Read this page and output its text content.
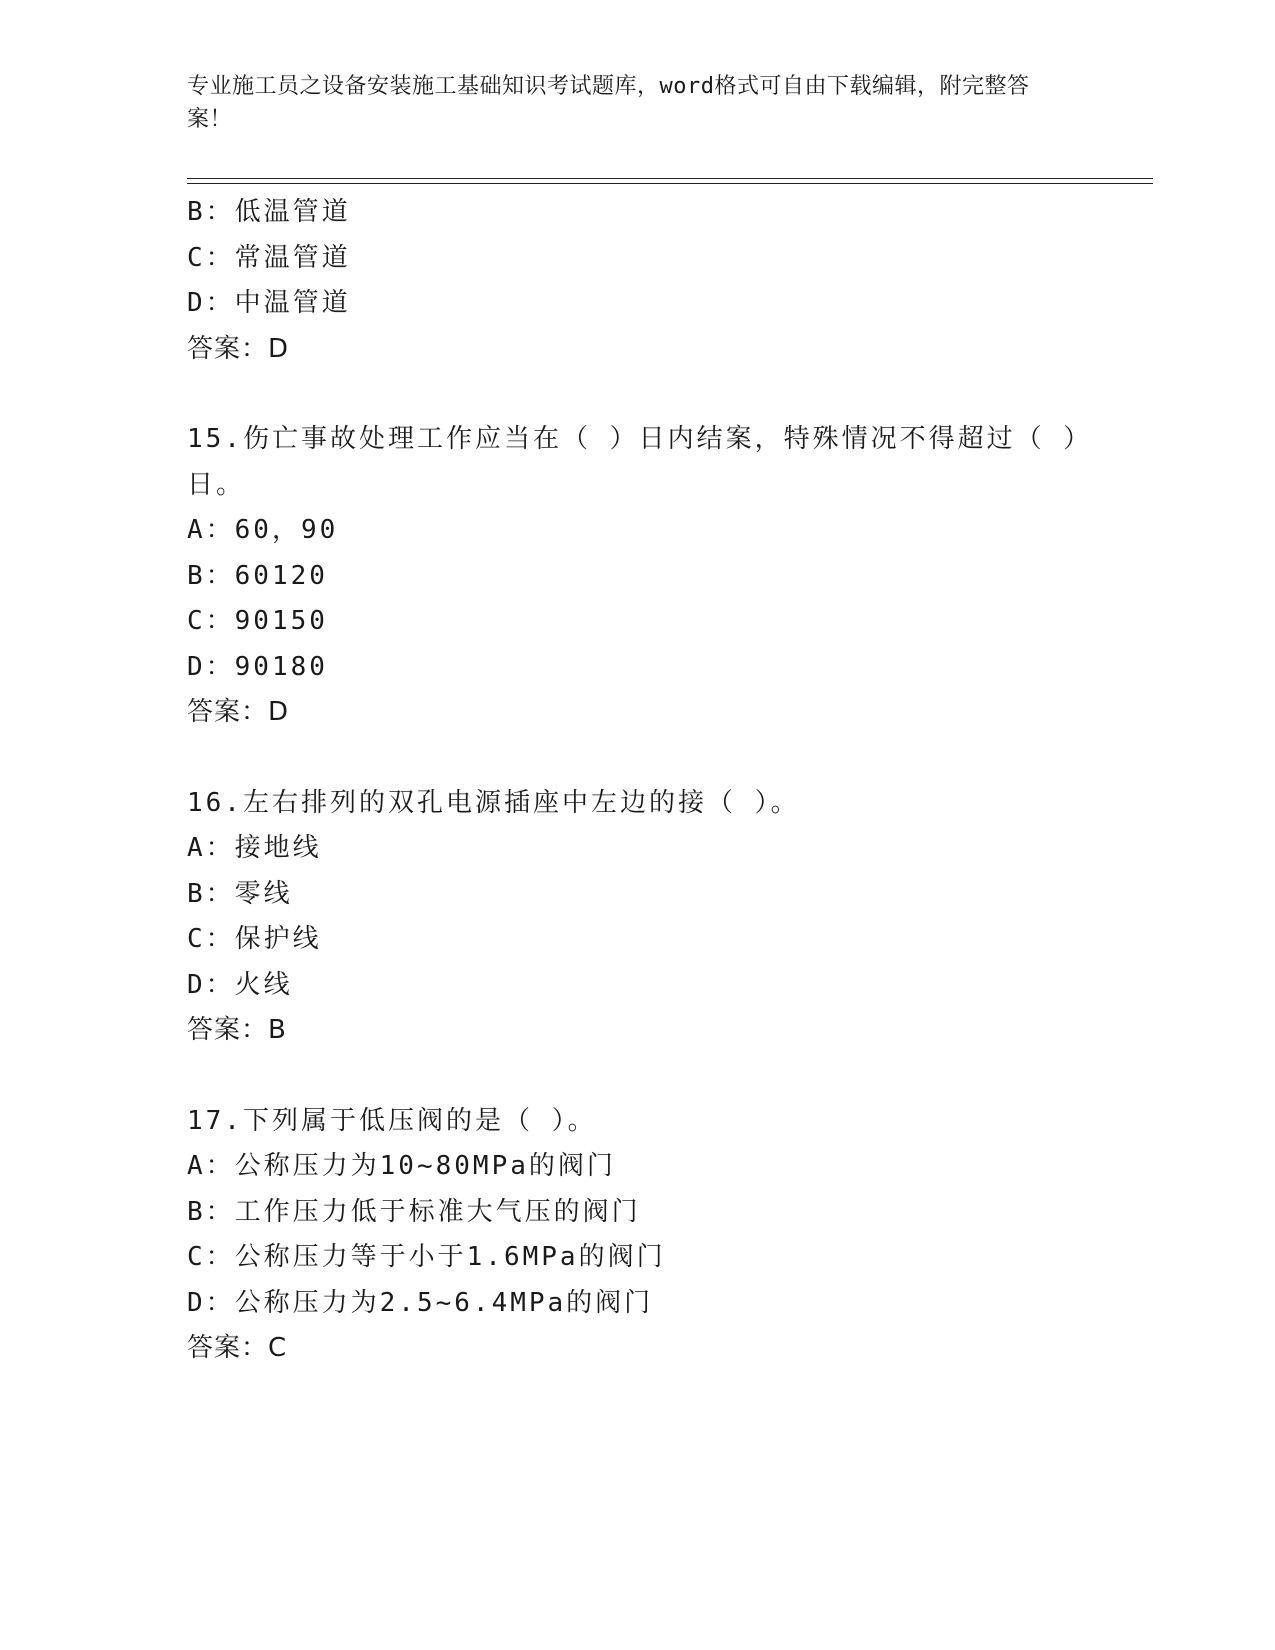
专业施工员之设备安装施工基础知识考试题库，word格式可自由下载编辑，附完整答案！
B：低温管道
C：常温管道
D：中温管道
答案：D
15.伤亡事故处理工作应当在（ ）日内结案，特殊情况不得超过（ ）日。
A：60，90
B：60120
C：90150
D：90180
答案：D
16.左右排列的双孔电源插座中左边的接（ ）。
A：接地线
B：零线
C：保护线
D：火线
答案：B
17.下列属于低压阀的是（ ）。
A：公称压力为10~80MPa的阀门
B：工作压力低于标准大气压的阀门
C：公称压力等于小于1.6MPa的阀门
D：公称压力为2.5~6.4MPa的阀门
答案：C
